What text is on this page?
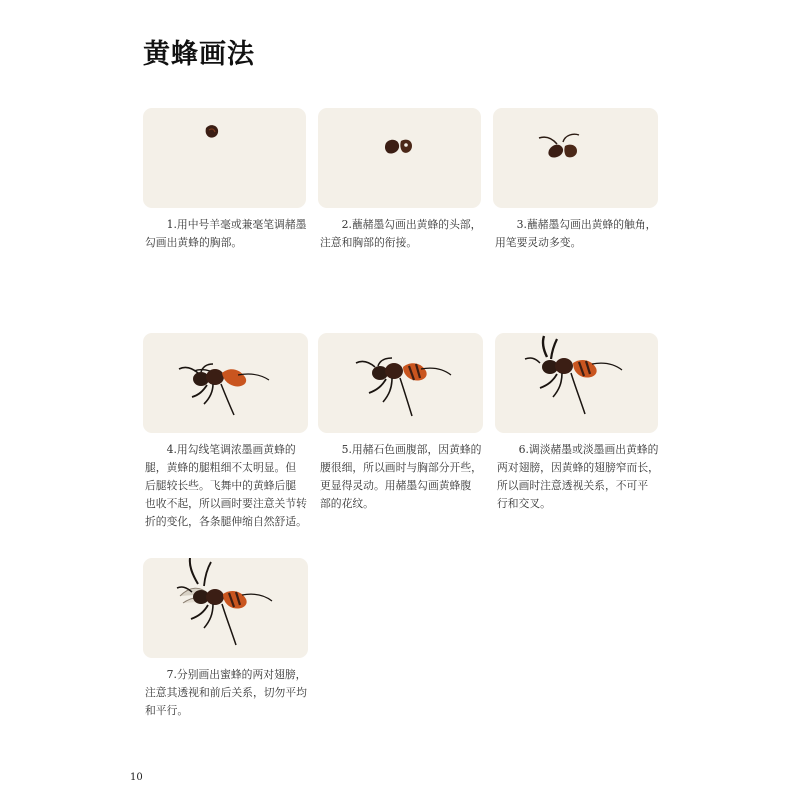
黄蜂画法
　　1.用中号羊毫或兼毫笔调赭墨
勾画出黄蜂的胸部。
　　2.蘸赭墨勾画出黄蜂的头部，
注意和胸部的衔接。
　　3.蘸赭墨勾画出黄蜂的触角，
用笔要灵动多变。
　　4.用勾线笔调浓墨画黄蜂的
腿，黄蜂的腿粗细不太明显。但
后腿较长些。飞舞中的黄蜂后腿
也收不起，所以画时要注意关节转
折的变化，各条腿伸缩自然舒适。
　　5.用赭石色画腹部，因黄蜂的
腰很细，所以画时与胸部分开些，
更显得灵动。用赭墨勾画黄蜂腹
部的花纹。
　　6.调淡赭墨或淡墨画出黄蜂的
两对翅膀，因黄蜂的翅膀窄而长，
所以画时注意透视关系，不可平
行和交叉。
　　7.分别画出蜜蜂的两对翅膀，
注意其透视和前后关系，切勿平均
和平行。
10
